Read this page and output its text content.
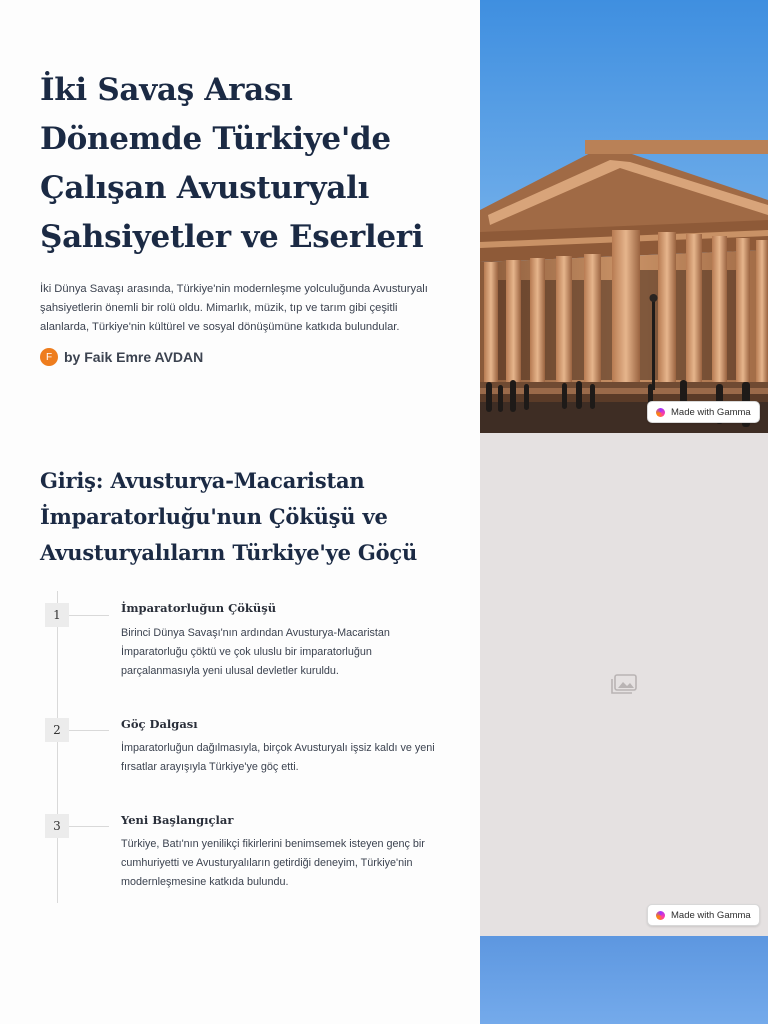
İki Savaş Arası Dönemde Türkiye'de Çalışan Avusturyalı Şahsiyetler ve Eserleri

İki Dünya Savaşı arasında, Türkiye'nin modernleşme yolculuğunda Avusturyalı şahsiyetlerin önemli bir rolü oldu. Mimarlık, müzik, tıp ve tarım gibi çeşitli alanlarda, Türkiye'nin kültürel ve sosyal dönüşümüne katkıda bulundular.

F by Faik Emre AVDAN
Made with Gamma
Giriş: Avusturya-Macaristan İmparatorluğu'nun Çöküşü ve Avusturyalıların Türkiye'ye Göçü
1	İmparatorluğun Çöküşü
Birinci Dünya Savaşı'nın ardından Avusturya-Macaristan İmparatorluğu çöktü ve çok uluslu bir imparatorluğun parçalanmasıyla yeni ulusal devletler kuruldu.
2	Göç Dalgası
İmparatorluğun dağılmasıyla, birçok Avusturyalı işsiz kaldı ve yeni fırsatlar arayışıyla Türkiye'ye göç etti.
3	Yeni Başlangıçlar
Türkiye, Batı'nın yenilikçi fikirlerini benimsemek isteyen genç bir cumhuriyetti ve Avusturyalıların getirdiği deneyim, Türkiye'nin modernleşmesine katkıda bulundu.
Made with Gamma
